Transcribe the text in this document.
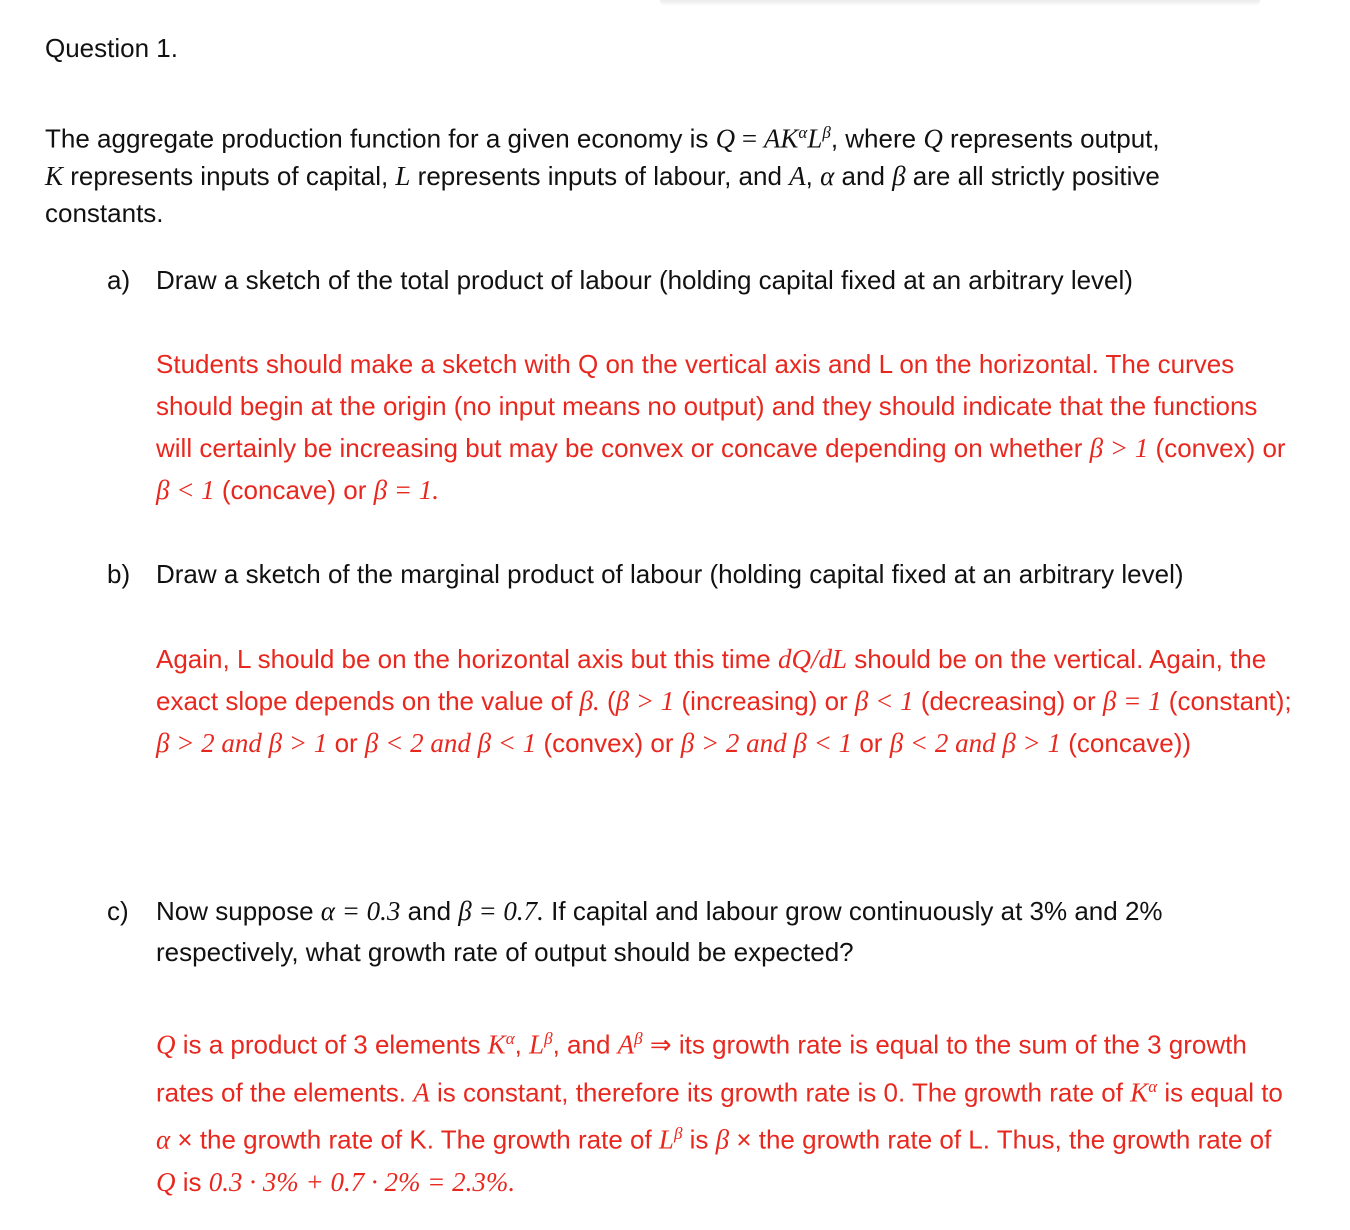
Question 1.

The aggregate production function for a given economy is $Q = AK^\alpha L^\beta$, where Q represents output,
K represents inputs of capital, L represents inputs of labour, and A, α and β are all strictly positive
constants.

a) Draw a sketch of the total product of labour (holding capital fixed at an arbitrary level)

Students should make a sketch with Q on the vertical axis and L on the horizontal. The curves should begin at the origin (no input means no output) and they should indicate that the functions will certainly be increasing but may be convex or concave depending on whether β > 1 (convex) or β < 1 (concave) or β = 1.

b) Draw a sketch of the marginal product of labour (holding capital fixed at an arbitrary level)

Again, L should be on the horizontal axis but this time dQ/dL should be on the vertical. Again, the exact slope depends on the value of β. (β > 1 (increasing) or β < 1 (decreasing) or β = 1 (constant); β > 2 and β > 1 or β < 2 and β < 1 (convex) or β > 2 and β < 1 or β < 2 and β > 1 (concave))

c) Now suppose α = 0.3 and β = 0.7. If capital and labour grow continuously at 3% and 2% respectively, what growth rate of output should be expected?

Q is a product of 3 elements $K^\alpha$, $L^\beta$, and $A^\beta$ ⇒ its growth rate is equal to the sum of the 3 growth rates of the elements. A is constant, therefore its growth rate is 0. The growth rate of $K^\alpha$ is equal to α × the growth rate of K. The growth rate of $L^\beta$ is β × the growth rate of L. Thus, the growth rate of Q is 0.3 · 3% + 0.7 · 2% = 2.3%.
